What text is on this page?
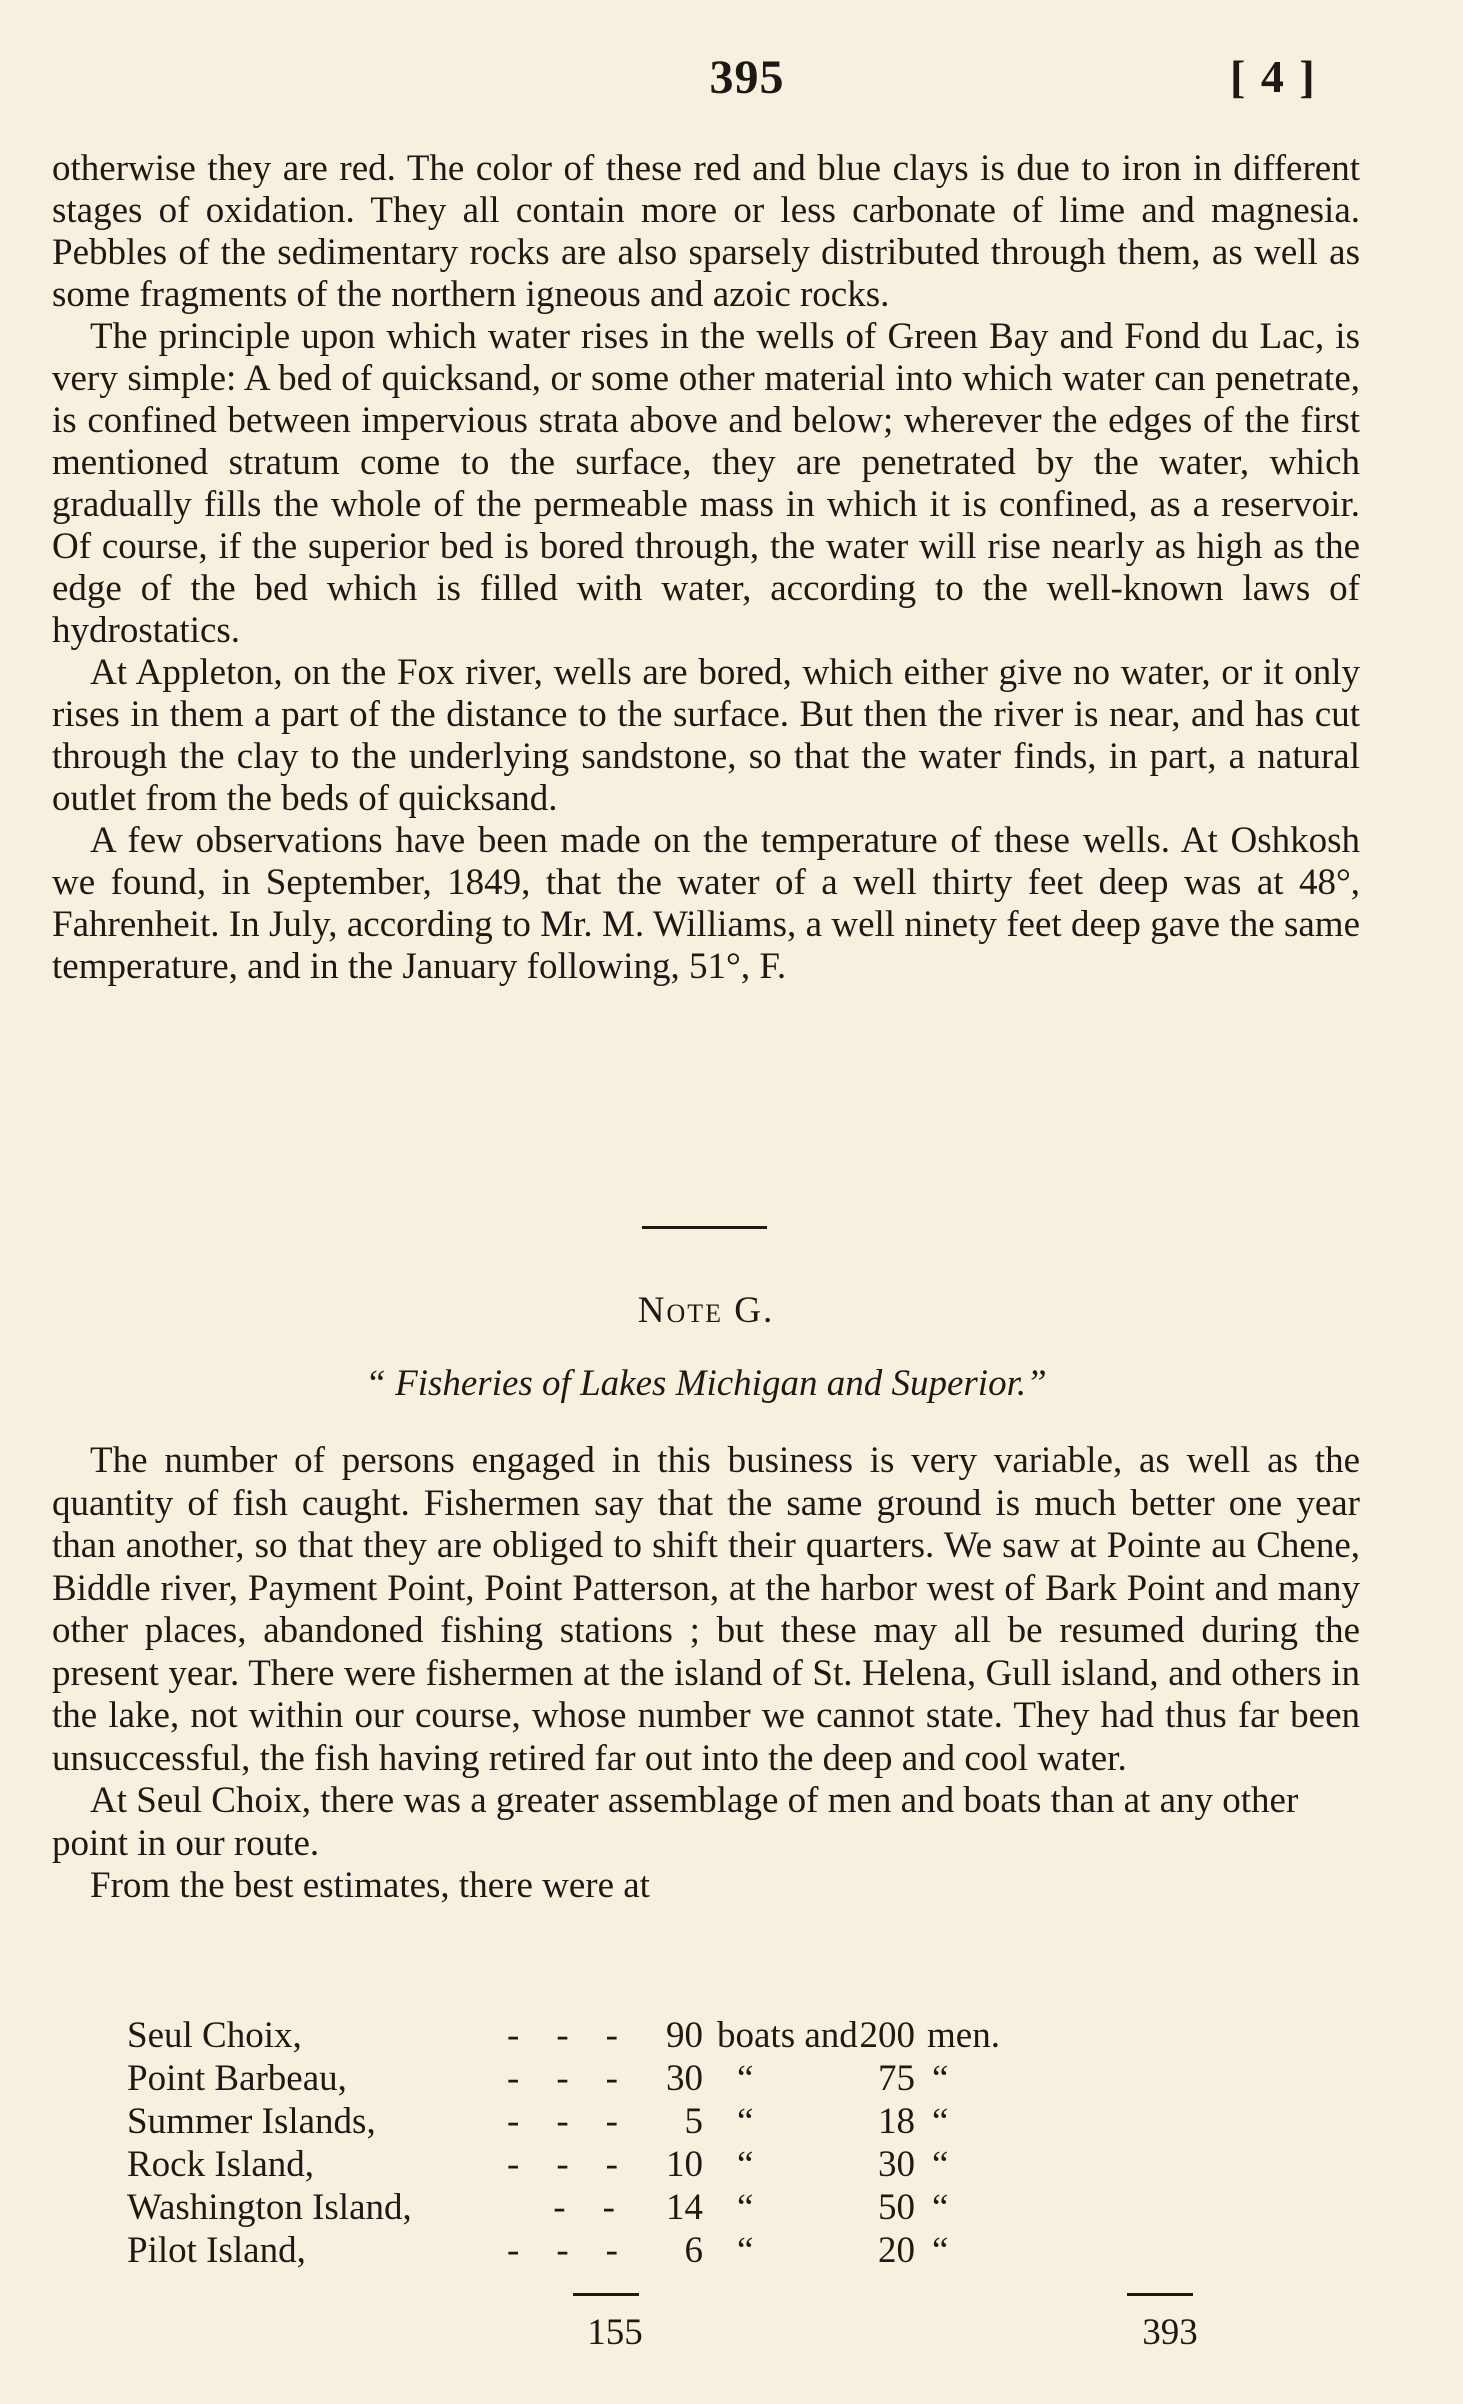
395	[ 4 ]

otherwise they are red. The color of these red and blue clays is due to iron in different stages of oxidation. They all contain more or less carbonate of lime and magnesia. Pebbles of the sedimentary rocks are also sparsely distributed through them, as well as some fragments of the northern igneous and azoic rocks.

The principle upon which water rises in the wells of Green Bay and Fond du Lac, is very simple: A bed of quicksand, or some other material into which water can penetrate, is confined between impervious strata above and below; wherever the edges of the first mentioned stratum come to the surface, they are penetrated by the water, which gradually fills the whole of the permeable mass in which it is confined, as a reservoir. Of course, if the superior bed is bored through, the water will rise nearly as high as the edge of the bed which is filled with water, according to the well-known laws of hydrostatics.

At Appleton, on the Fox river, wells are bored, which either give no water, or it only rises in them a part of the distance to the surface. But then the river is near, and has cut through the clay to the underlying sandstone, so that the water finds, in part, a natural outlet from the beds of quicksand.

A few observations have been made on the temperature of these wells. At Oshkosh we found, in September, 1849, that the water of a well thirty feet deep was at 48°, Fahrenheit. In July, according to Mr. M. Williams, a well ninety feet deep gave the same temperature, and in the January following, 51°, F.

Note G.
“ Fisheries of Lakes Michigan and Superior.”

The number of persons engaged in this business is very variable, as well as the quantity of fish caught. Fishermen say that the same ground is much better one year than another, so that they are obliged to shift their quarters. We saw at Pointe au Chene, Biddle river, Payment Point, Point Patterson, at the harbor west of Bark Point and many other places, abandoned fishing stations ; but these may all be resumed during the present year. There were fishermen at the island of St. Helena, Gull island, and others in the lake, not within our course, whose number we cannot state. They had thus far been unsuccessful, the fish having retired far out into the deep and cool water.

At Seul Choix, there was a greater assemblage of men and boats than at any other point in our route.

From the best estimates, there were at

Seul Choix,	-    -    -	90 boats and 200 men.
Point Barbeau,	-    -    -	30 “	75 “
Summer Islands,	-    -    -	5 “	18 “
Rock Island,	-    -    -	10 “	30 “
Washington Island,	-    -	14 “	50 “
Pilot Island,	-    -    -	6 “	20 “
155	393
